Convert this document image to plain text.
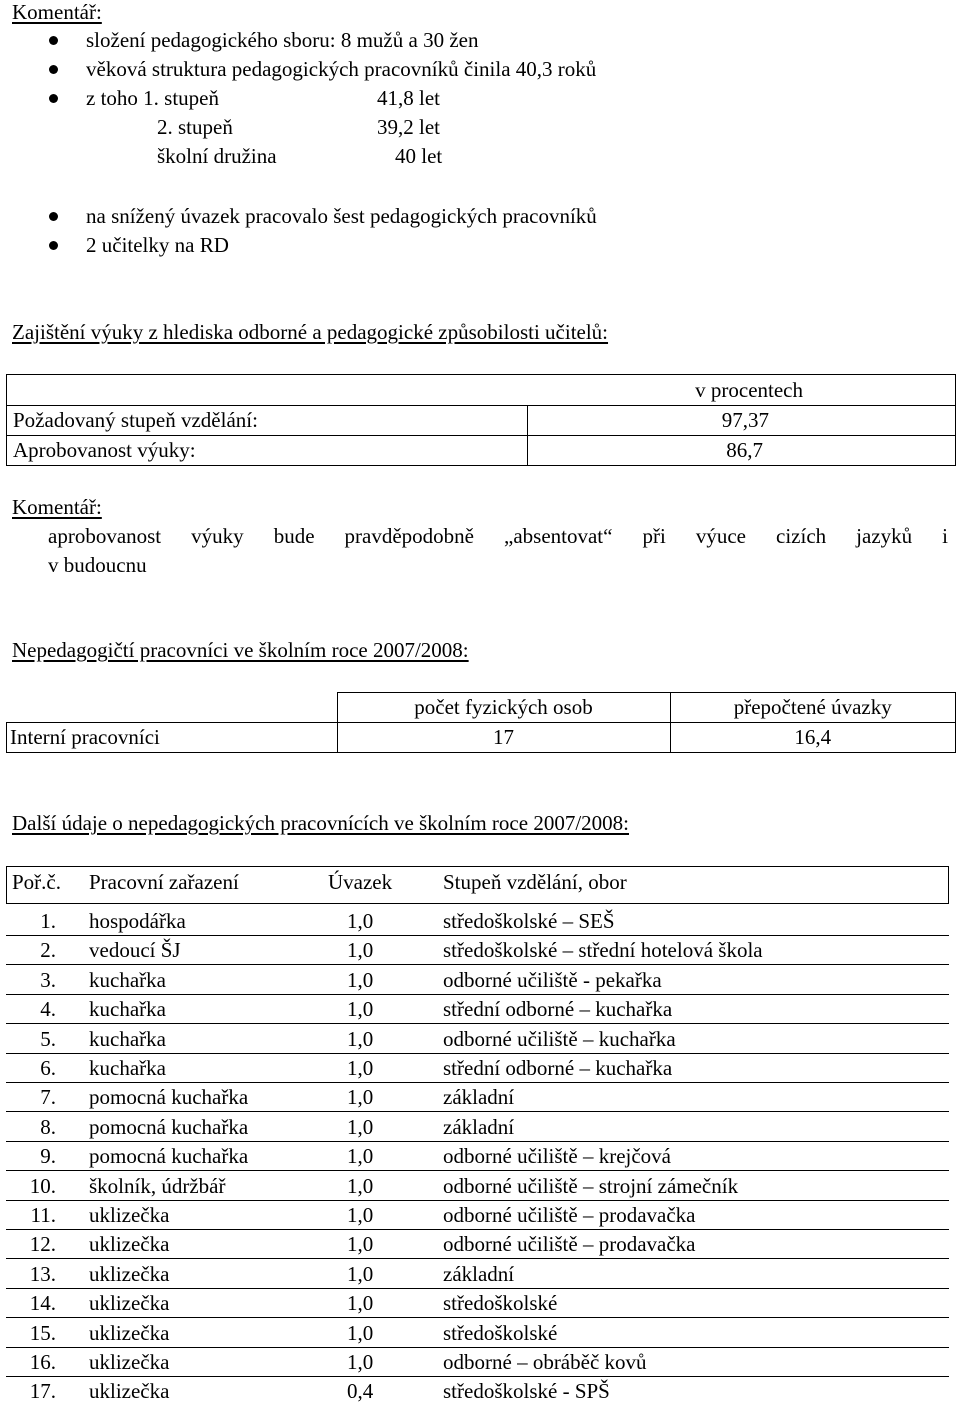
Komentář:
složení pedagogického sboru: 8 mužů a 30 žen
věková struktura pedagogických pracovníků činila 40,3 roků
z toho 1. stupeň	41,8 let
2. stupeň	39,2 let
školní družina	40 let
na snížený úvazek pracovalo šest pedagogických pracovníků
2 učitelky na RD
Zajištění výuky z hlediska odborné a pedagogické způsobilosti učitelů:
	v procentech
Požadovaný stupeň vzdělání:	97,37
Aprobovanost výuky:	86,7
Komentář:
aprobovanost výuky bude pravděpodobně „absentovat“ při výuce cizích jazyků i
v budoucnu
Nepedagogičtí pracovníci ve školním roce 2007/2008:
	počet fyzických osob	přepočtené úvazky
Interní pracovníci	17	16,4
Další údaje o nepedagogických pracovnících ve školním roce 2007/2008:
Poř.č. Pracovní zařazení	Úvazek Stupeň vzdělání, obor
1. hospodářka	1,0	středoškolské – SEŠ
2. vedoucí ŠJ	1,0	středoškolské – střední hotelová škola
3. kuchařka	1,0	odborné učiliště - pekařka
4. kuchařka	1,0	střední odborné – kuchařka
5. kuchařka	1,0	odborné učiliště – kuchařka
6. kuchařka	1,0	střední odborné – kuchařka
7. pomocná kuchařka	1,0	základní
8. pomocná kuchařka	1,0	základní
9. pomocná kuchařka	1,0	odborné učiliště – krejčová
10. školník, údržbář	1,0	odborné učiliště – strojní zámečník
11. uklizečka	1,0	odborné učiliště – prodavačka
12. uklizečka	1,0	odborné učiliště – prodavačka
13. uklizečka	1,0	základní
14. uklizečka	1,0	středoškolské
15. uklizečka	1,0	středoškolské
16. uklizečka	1,0	odborné – obráběč kovů
17. uklizečka	0,4	středoškolské - SPŠ
